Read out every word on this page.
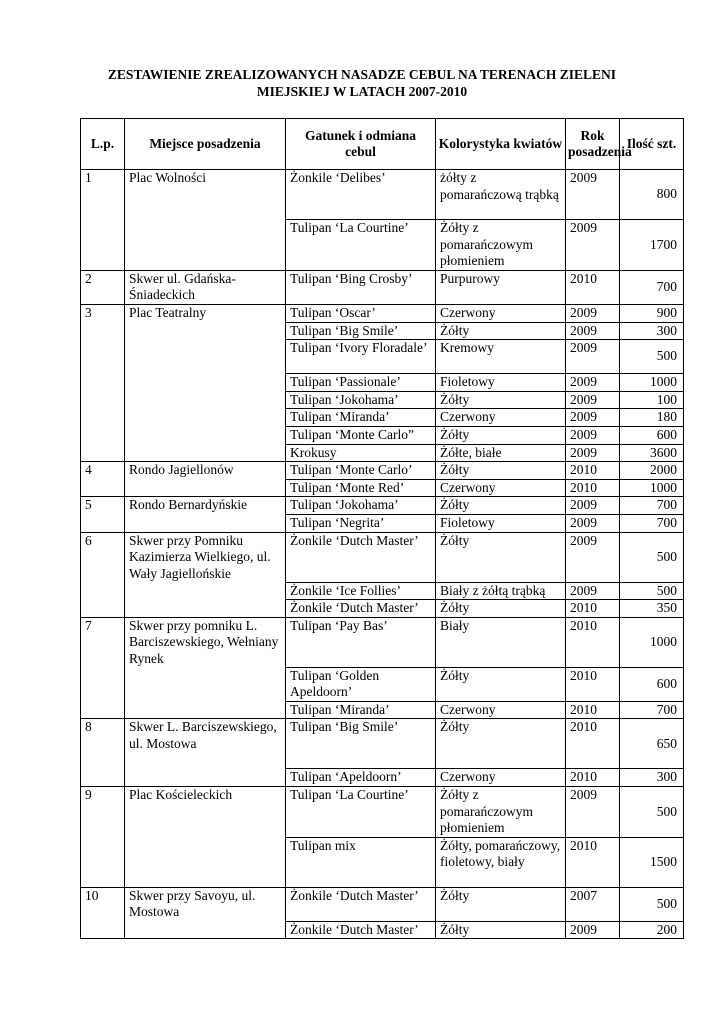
ZESTAWIENIE ZREALIZOWANYCH NASADZE CEBUL NA TERENACH ZIELENI
MIEJSKIEJ W LATACH 2007-2010
L.p.	Miejsce posadzenia	Gatunek i odmiana cebul	Kolorystyka kwiatów	Rok posadzenia	Ilość szt.
1	Plac Wolności	Żonkile ‘Delibes’	żółty z pomarańczową trąbką	2009	800
		Tulipan ‘La Courtine’	Żółty z pomarańczowym płomieniem	2009	1700
2	Skwer ul. Gdańska-Śniadeckich	Tulipan ‘Bing Crosby’	Purpurowy	2010	700
3	Plac Teatralny	Tulipan ‘Oscar’	Czerwony	2009	900
		Tulipan ‘Big Smile’	Żółty	2009	300
		Tulipan ‘Ivory Floradale’	Kremowy	2009	500
		Tulipan ‘Passionale’	Fioletowy	2009	1000
		Tulipan ‘Jokohama’	Żółty	2009	100
		Tulipan ‘Miranda’	Czerwony	2009	180
		Tulipan ‘Monte Carlo”	Żółty	2009	600
		Krokusy	Żółte, białe	2009	3600
4	Rondo Jagiellonów	Tulipan ‘Monte Carlo’	Żółty	2010	2000
		Tulipan ‘Monte Red’	Czerwony	2010	1000
5	Rondo Bernardyńskie	Tulipan ‘Jokohama’	Żółty	2009	700
		Tulipan ‘Negrita’	Fioletowy	2009	700
6	Skwer przy Pomniku Kazimierza Wielkiego, ul. Wały Jagiellońskie	Żonkile ‘Dutch Master’	Żółty	2009	500
		Żonkile ‘Ice Follies’	Biały z żółtą trąbką	2009	500
		Żonkile ‘Dutch Master’	Żółty	2010	350
7	Skwer przy pomniku L. Barciszewskiego, Wełniany Rynek	Tulipan ‘Pay Bas’	Biały	2010	1000
		Tulipan ‘Golden Apeldoorn’	Żółty	2010	600
		Tulipan ‘Miranda’	Czerwony	2010	700
8	Skwer L. Barciszewskiego, ul. Mostowa	Tulipan ‘Big Smile’	Żółty	2010	650
		Tulipan ‘Apeldoorn’	Czerwony	2010	300
9	Plac Kościeleckich	Tulipan ‘La Courtine’	Żółty z pomarańczowym płomieniem	2009	500
		Tulipan mix	Żółty, pomarańczowy, fioletowy, biały	2010	1500
10	Skwer przy Savoyu, ul. Mostowa	Żonkile ‘Dutch Master’	Żółty	2007	500
		Żonkile ‘Dutch Master’	Żółty	2009	200
